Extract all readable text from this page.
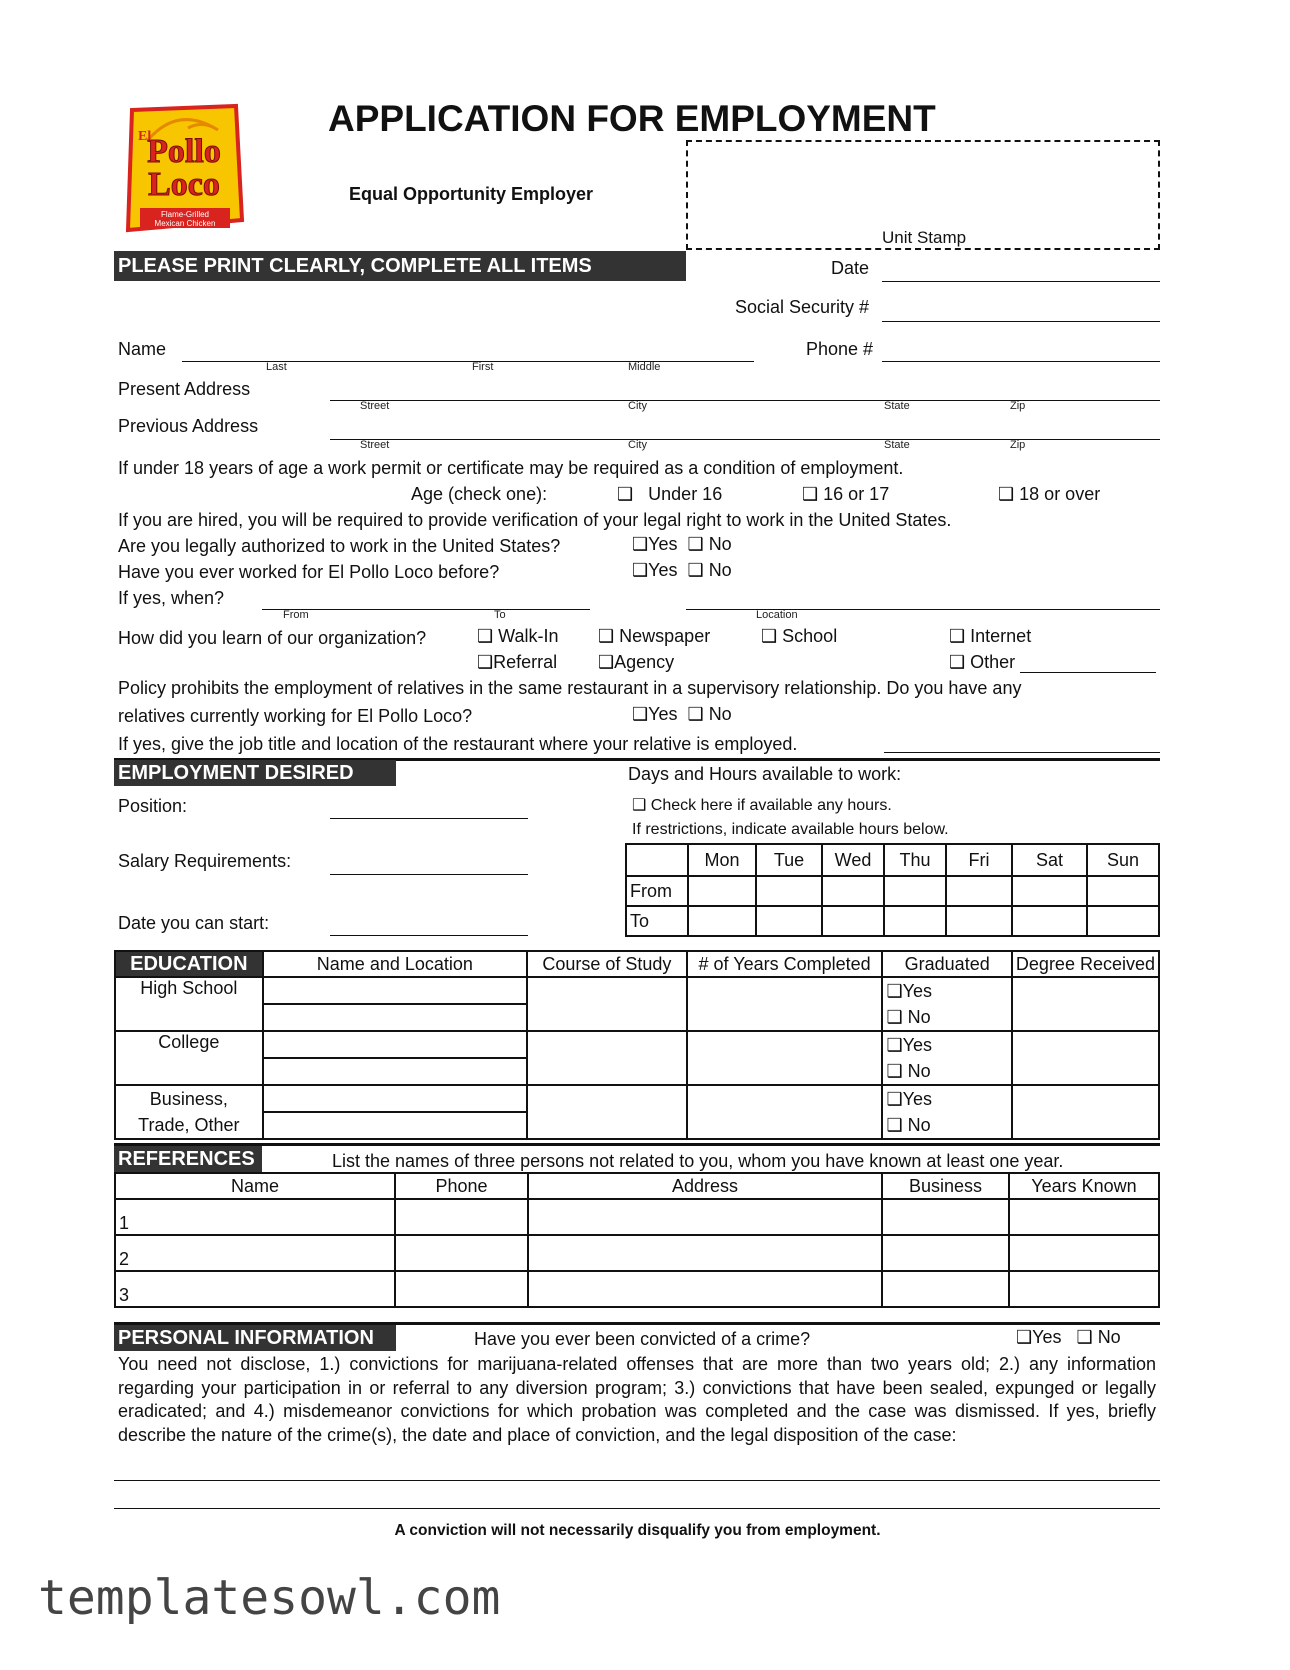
Pollo
Loco
El
Flame-Grilled
Mexican Chicken
APPLICATION FOR EMPLOYMENT
Equal Opportunity Employer
Unit Stamp
PLEASE PRINT CLEARLY, COMPLETE ALL ITEMS	Date
Social Security #
Name
Last	First	Middle
Phone #
Present Address
Street	City	State	Zip
Previous Address
Street	City	State	Zip
If under 18 years of age a work permit or certificate may be required as a condition of employment.
Age (check one):	❑ Under 16	❑ 16 or 17	❑ 18 or over
If you are hired, you will be required to provide verification of your legal right to work in the United States.
Are you legally authorized to work in the United States?	❑Yes ❑ No
Have you ever worked for El Pollo Loco before?	❑Yes ❑ No
If yes, when?
From	To	Location
How did you learn of our organization?	❑ Walk-In ❑ Newspaper	❑ School	❑ Internet
❑Referral ❑Agency	❑ Other
Policy prohibits the employment of relatives in the same restaurant in a supervisory relationship. Do you have any
relatives currently working for El Pollo Loco?	❑Yes ❑ No
If yes, give the job title and location of the restaurant where your relative is employed.
EMPLOYMENT DESIRED	Days and Hours available to work:
Position:	❑ Check here if available any hours.
If restrictions, indicate available hours below.
Salary Requirements:
Date you can start:
	Mon	Tue	Wed	Thu	Fri	Sat	Sun
From							
To							
EDUCATION	Name and Location	Course of Study	# of Years Completed	Graduated	Degree Received
High School				❑Yes
❑ No	

College				❑Yes
❑ No	

Business,
Trade, Other				❑Yes
❑ No	

REFERENCES	List the names of three persons not related to you, whom you have known at least one year.
Name	Phone	Address	Business	Years Known
1				
2				
3				
PERSONAL INFORMATION	Have you ever been convicted of a crime?	❑Yes ❑ No
You need not disclose, 1.) convictions for marijuana-related offenses that are more than two years old; 2.) any information regarding your participation in or referral to any diversion program; 3.) convictions that have been sealed, expunged or legally eradicated; and 4.) misdemeanor convictions for which probation was completed and the case was dismissed. If yes, briefly describe the nature of the crime(s), the date and place of conviction, and the legal disposition of the case:
A conviction will not necessarily disqualify you from employment.
templatesowl.com
